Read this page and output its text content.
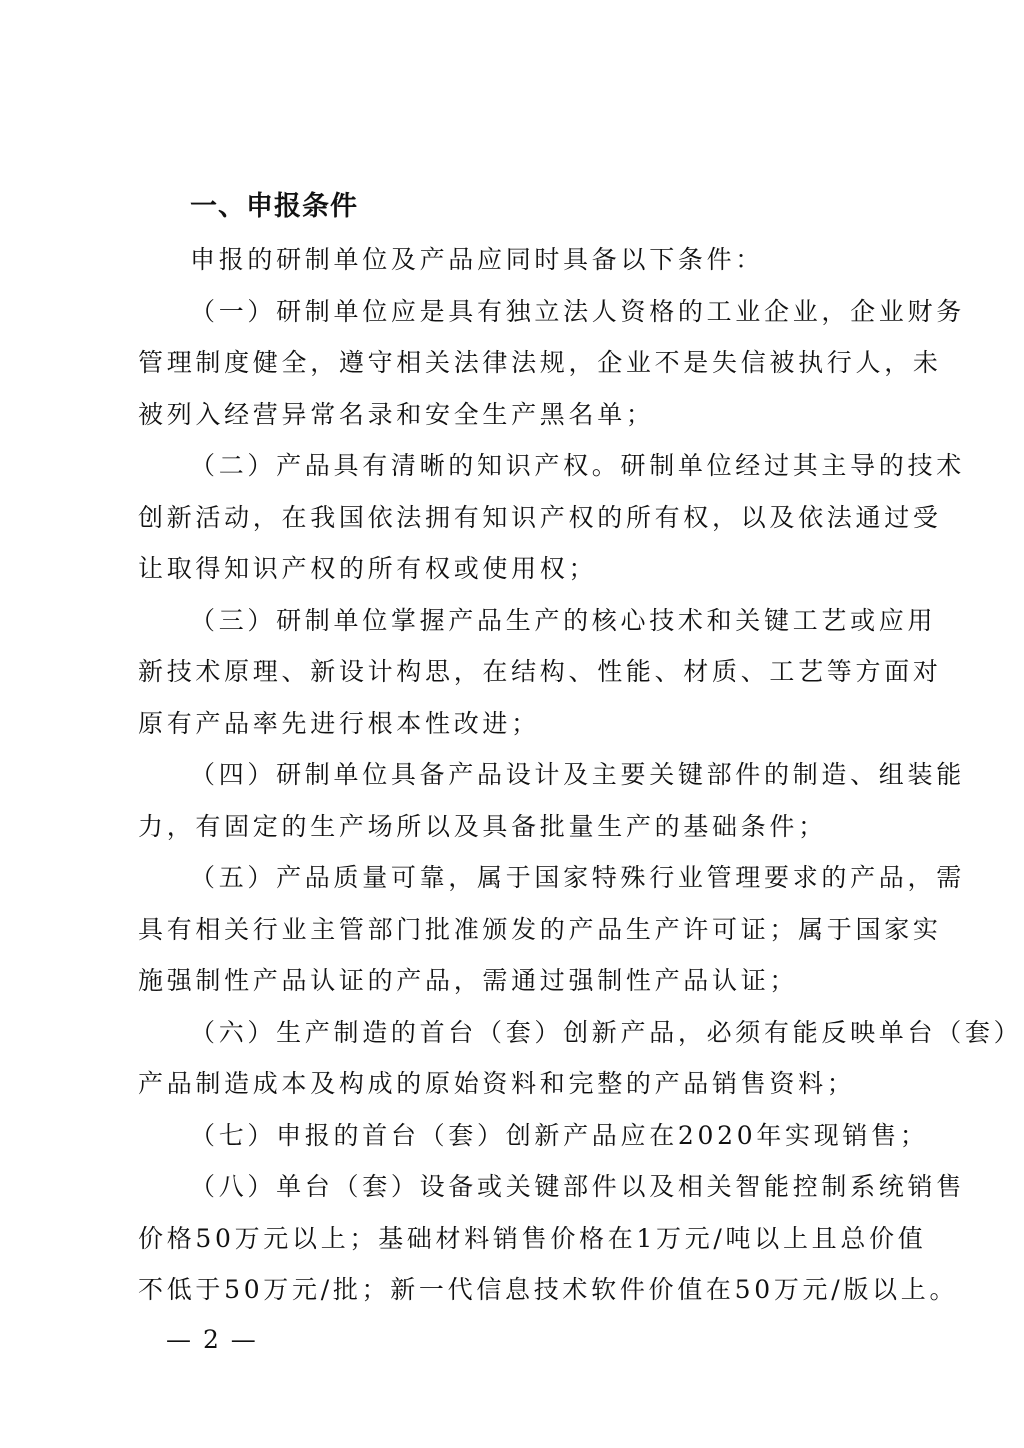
一、申报条件

申报的研制单位及产品应同时具备以下条件：

（一）研制单位应是具有独立法人资格的工业企业，企业财务
管理制度健全，遵守相关法律法规，企业不是失信被执行人，未
被列入经营异常名录和安全生产黑名单；

（二）产品具有清晰的知识产权。研制单位经过其主导的技术
创新活动，在我国依法拥有知识产权的所有权，以及依法通过受
让取得知识产权的所有权或使用权；

（三）研制单位掌握产品生产的核心技术和关键工艺或应用
新技术原理、新设计构思，在结构、性能、材质、工艺等方面对
原有产品率先进行根本性改进；

（四）研制单位具备产品设计及主要关键部件的制造、组装能
力，有固定的生产场所以及具备批量生产的基础条件；

（五）产品质量可靠，属于国家特殊行业管理要求的产品，需
具有相关行业主管部门批准颁发的产品生产许可证；属于国家实
施强制性产品认证的产品，需通过强制性产品认证；

（六）生产制造的首台（套）创新产品，必须有能反映单台（套）
产品制造成本及构成的原始资料和完整的产品销售资料；

（七）申报的首台（套）创新产品应在2020年实现销售；

（八）单台（套）设备或关键部件以及相关智能控制系统销售
价格50万元以上；基础材料销售价格在1万元/吨以上且总价值
不低于50万元/批；新一代信息技术软件价值在50万元/版以上。

— 2 —
